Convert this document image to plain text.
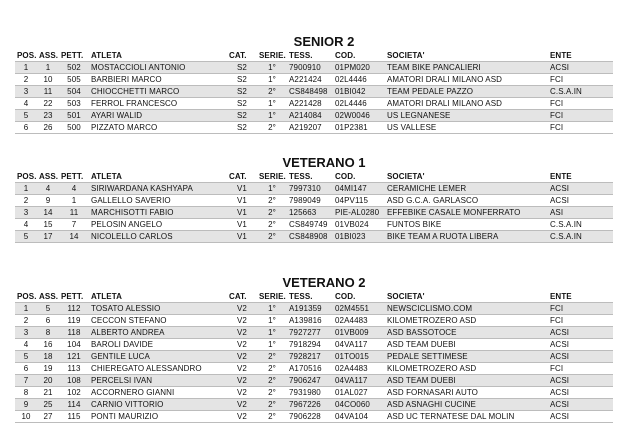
SENIOR 2
POS.	ASS.	PETT.	ATLETA	CAT.	SERIE.	TESS.	COD.	SOCIETA'	ENTE
1	1	502	MOSTACCIOLI ANTONIO	S2	1°	7900910	01PM020	TEAM BIKE PANCALIERI	ACSI
2	10	505	BARBIERI MARCO	S2	1°	A221424	02L4446	AMATORI DRALI MILANO ASD	FCI
3	11	504	CHIOCCHETTI MARCO	S2	2°	CS848498	01BI042	TEAM PEDALE PAZZO	C.S.A.IN
4	22	503	FERROL FRANCESCO	S2	1°	A221428	02L4446	AMATORI DRALI MILANO ASD	FCI
5	23	501	AYARI WALID	S2	1°	A214084	02W0046	US LEGNANESE	FCI
6	26	500	PIZZATO MARCO	S2	2°	A219207	01P2381	US VALLESE	FCI
VETERANO 1
POS.	ASS.	PETT.	ATLETA	CAT.	SERIE.	TESS.	COD.	SOCIETA'	ENTE
1	4	4	SIRIWARDANA KASHYAPA	V1	1°	7997310	04MI147	CERAMICHE LEMER	ACSI
2	9	1	GALLELLO SAVERIO	V1	2°	7989049	04PV115	ASD G.C.A. GARLASCO	ACSI
3	14	11	MARCHISOTTI FABIO	V1	2°	125663	PIE-AL0280	EFFEBIKE CASALE MONFERRATO	ASI
4	15	7	PELOSIN ANGELO	V1	2°	CS849749	01VB024	FUNTOS BIKE	C.S.A.IN
5	17	14	NICOLELLO CARLOS	V1	2°	CS848908	01BI023	BIKE TEAM A RUOTA LIBERA	C.S.A.IN
VETERANO 2
POS.	ASS.	PETT.	ATLETA	CAT.	SERIE.	TESS.	COD.	SOCIETA'	ENTE
1	5	112	TOSATO ALESSIO	V2	1°	A191359	02M4551	NEWSCICLISMO.COM	FCI
2	6	119	CECCON STEFANO	V2	1°	A139816	02A4483	KILOMETROZERO ASD	FCI
3	8	118	ALBERTO ANDREA	V2	1°	7927277	01VB009	ASD BASSOTOCE	ACSI
4	16	104	BAROLI DAVIDE	V2	1°	7918294	04VA117	ASD TEAM DUEBI	ACSI
5	18	121	GENTILE LUCA	V2	2°	7928217	01TO015	PEDALE SETTIMESE	ACSI
6	19	113	CHIEREGATO ALESSANDRO	V2	2°	A170516	02A4483	KILOMETROZERO ASD	FCI
7	20	108	PERCELSI IVAN	V2	2°	7906247	04VA117	ASD TEAM DUEBI	ACSI
8	21	102	ACCORNERO GIANNI	V2	2°	7931980	01AL027	ASD FORNASARI AUTO	ACSI
9	25	114	CARNIO VITTORIO	V2	2°	7967226	04CO060	ASD ASNAGHI CUCINE	ACSI
10	27	115	PONTI MAURIZIO	V2	2°	7906228	04VA104	ASD UC TERNATESE DAL MOLIN	ACSI
